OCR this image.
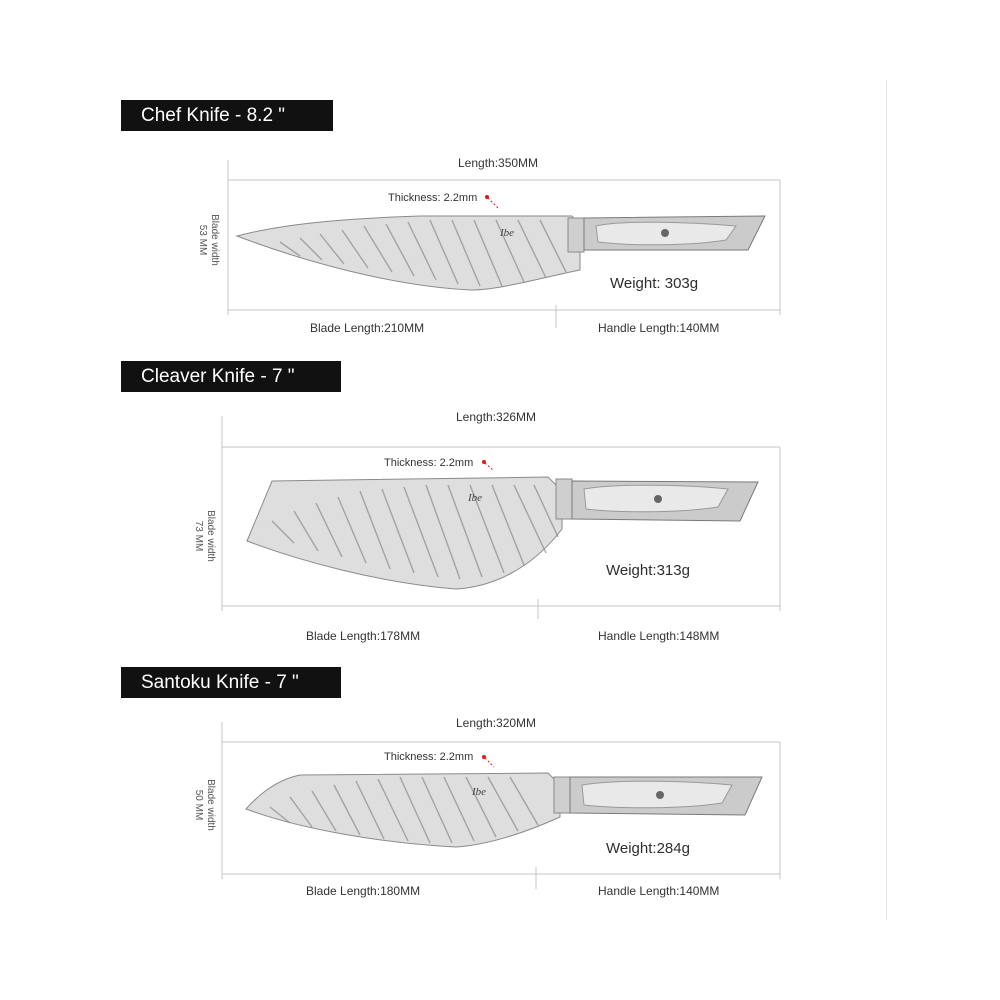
Chef Knife - 8.2 "
Length:350MM
Thickness: 2.2mm
Blade width
53 MM
Weight: 303g
Blade Length:210MM	Handle Length:140MM
Ibe
Cleaver Knife - 7 "
Length:326MM
Thickness: 2.2mm
Blade width
73 MM
Weight:313g
Blade Length:178MM	Handle Length:148MM
Ibe
Santoku Knife - 7 "
Length:320MM
Thickness: 2.2mm
Blade width
50 MM
Weight:284g
Blade Length:180MM	Handle Length:140MM
Ibe
